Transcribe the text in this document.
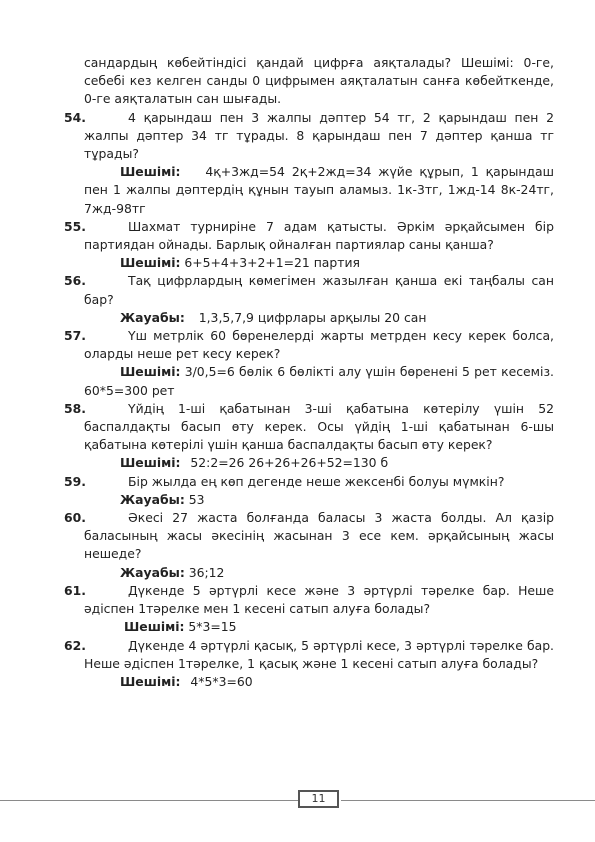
сандардың көбейтіндісі қандай цифрға аяқталады? Шешімі: 0-ге, себебі кез келген санды 0 цифрымен аяқталатын санға көбейткенде, 0-ге аяқталатын сан шығады.

54.	4 қарындаш пен 3 жалпы дәптер 54 тг, 2 қарындаш пен 2 жалпы дәптер 34 тг тұрады. 8 қарындаш пен 7 дәптер қанша тг тұрады?
Шешімі: 4қ+3жд=54 2қ+2жд=34 жүйе құрып, 1 қарындаш пен 1 жалпы дәптердің құнын тауып аламыз. 1к-3тг, 1жд-14 8к-24тг, 7жд-98тг
55.	Шахмат турниріне 7 адам қатысты. Әркім әрқайсымен бір партиядан ойнады. Барлық ойналған партиялар саны қанша?
Шешімі: 6+5+4+3+2+1=21 партия
56.	Тақ цифрлардың көмегімен жазылған қанша екі таңбалы сан бар?
Жауабы: 1,3,5,7,9 цифрлары арқылы 20 сан
57.	Үш метрлік 60 бөренелерді жарты метрден кесу керек болса, оларды неше рет кесу керек?
Шешімі: 3/0,5=6 бөлік 6 бөлікті алу үшін бөренені 5 рет кесеміз. 60*5=300 рет
58.	Үйдің 1-ші қабатынан 3-ші қабатына көтерілу үшін 52 баспалдақты басып өту керек. Осы үйдің 1-ші қабатынан 6-шы қабатына көтерілі үшін қанша баспалдақты басып өту керек?
Шешімі: 52:2=26 26+26+26+52=130 б
59.	Бір жылда ең көп дегенде неше жексенбі болуы мүмкін?
Жауабы: 53
60.	Әкесі 27 жаста болғанда баласы 3 жаста болды. Ал қазір баласының жасы әкесінің жасынан 3 есе кем. әрқайсының жасы нешеде?
Жауабы: 36;12
61.	Дүкенде 5 әртүрлі кесе және 3 әртүрлі тәрелке бар. Неше әдіспен 1тәрелке мен 1 кесені сатып алуға болады?
Шешімі: 5*3=15
62.	Дүкенде 4 әртүрлі қасық, 5 әртүрлі кесе, 3 әртүрлі тәрелке бар. Неше әдіспен 1тәрелке, 1 қасық және 1 кесені сатып алуға болады?
Шешімі: 4*5*3=60
11
